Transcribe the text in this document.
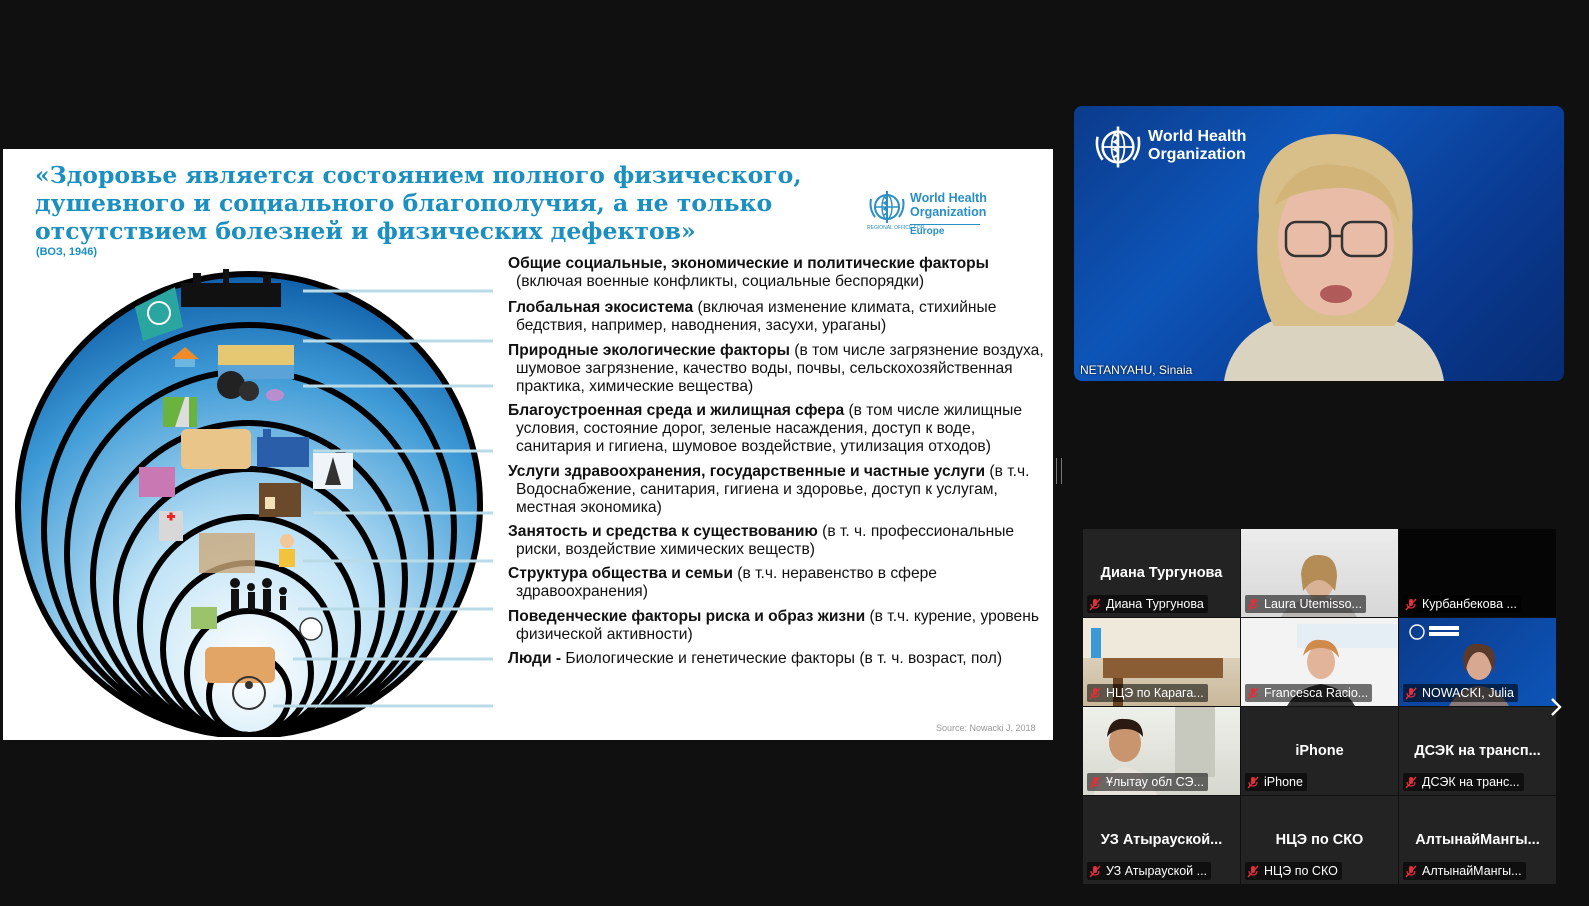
«Здоровье является состоянием полного физического, душевного и социального благополучия, а не только отсутствием болезней и физических дефектов»
(ВОЗ, 1946)
World Health
Organization
REGIONAL OFFICE FOR
Europe
Общие социальные, экономические и политические факторы (включая военные конфликты, социальные беспорядки)
Глобальная экосистема (включая изменение климата, стихийные бедствия, например, наводнения, засухи, ураганы)
Природные экологические факторы (в том числе загрязнение воздуха, шумовое загрязнение, качество воды, почвы, сельскохозяйственная практика, химические вещества)
Благоустроенная среда и жилищная сфера (в том числе жилищные условия, состояние дорог, зеленые насаждения, доступ к воде, санитария и гигиена, шумовое воздействие, утилизация отходов)
Услуги здравоохранения, государственные и частные услуги (в т.ч. Водоснабжение, санитария, гигиена и здоровье, доступ к услугам, местная экономика)
Занятость и средства к существованию (в т. ч. профессиональные риски, воздействие химических веществ)
Структура общества и семьи (в т.ч. неравенство в сфере здравоохранения)
Поведенческие факторы риска и образ жизни (в т.ч. курение, уровень физической активности)
Люди - Биологические и генетические факторы (в т. ч. возраст, пол)
Source: Nowacki J, 2018
World Health
Organization
NETANYAHU, Sinaia
Диана Тургунова
Диана Тургунова	Laura Utemisso...	Курбанбекова ...
НЦЭ по Карага...	Francesca Racio...	NOWACKI, Julia
Ұлытау обл СЭ...
iPhone
iPhone
ДСЭК на трансп...
ДСЭК на транс...
УЗ Атырауской...
УЗ Атырауской ...
НЦЭ по СКО
НЦЭ по СКО
АлтынайМангы...
АлтынайМангы...
